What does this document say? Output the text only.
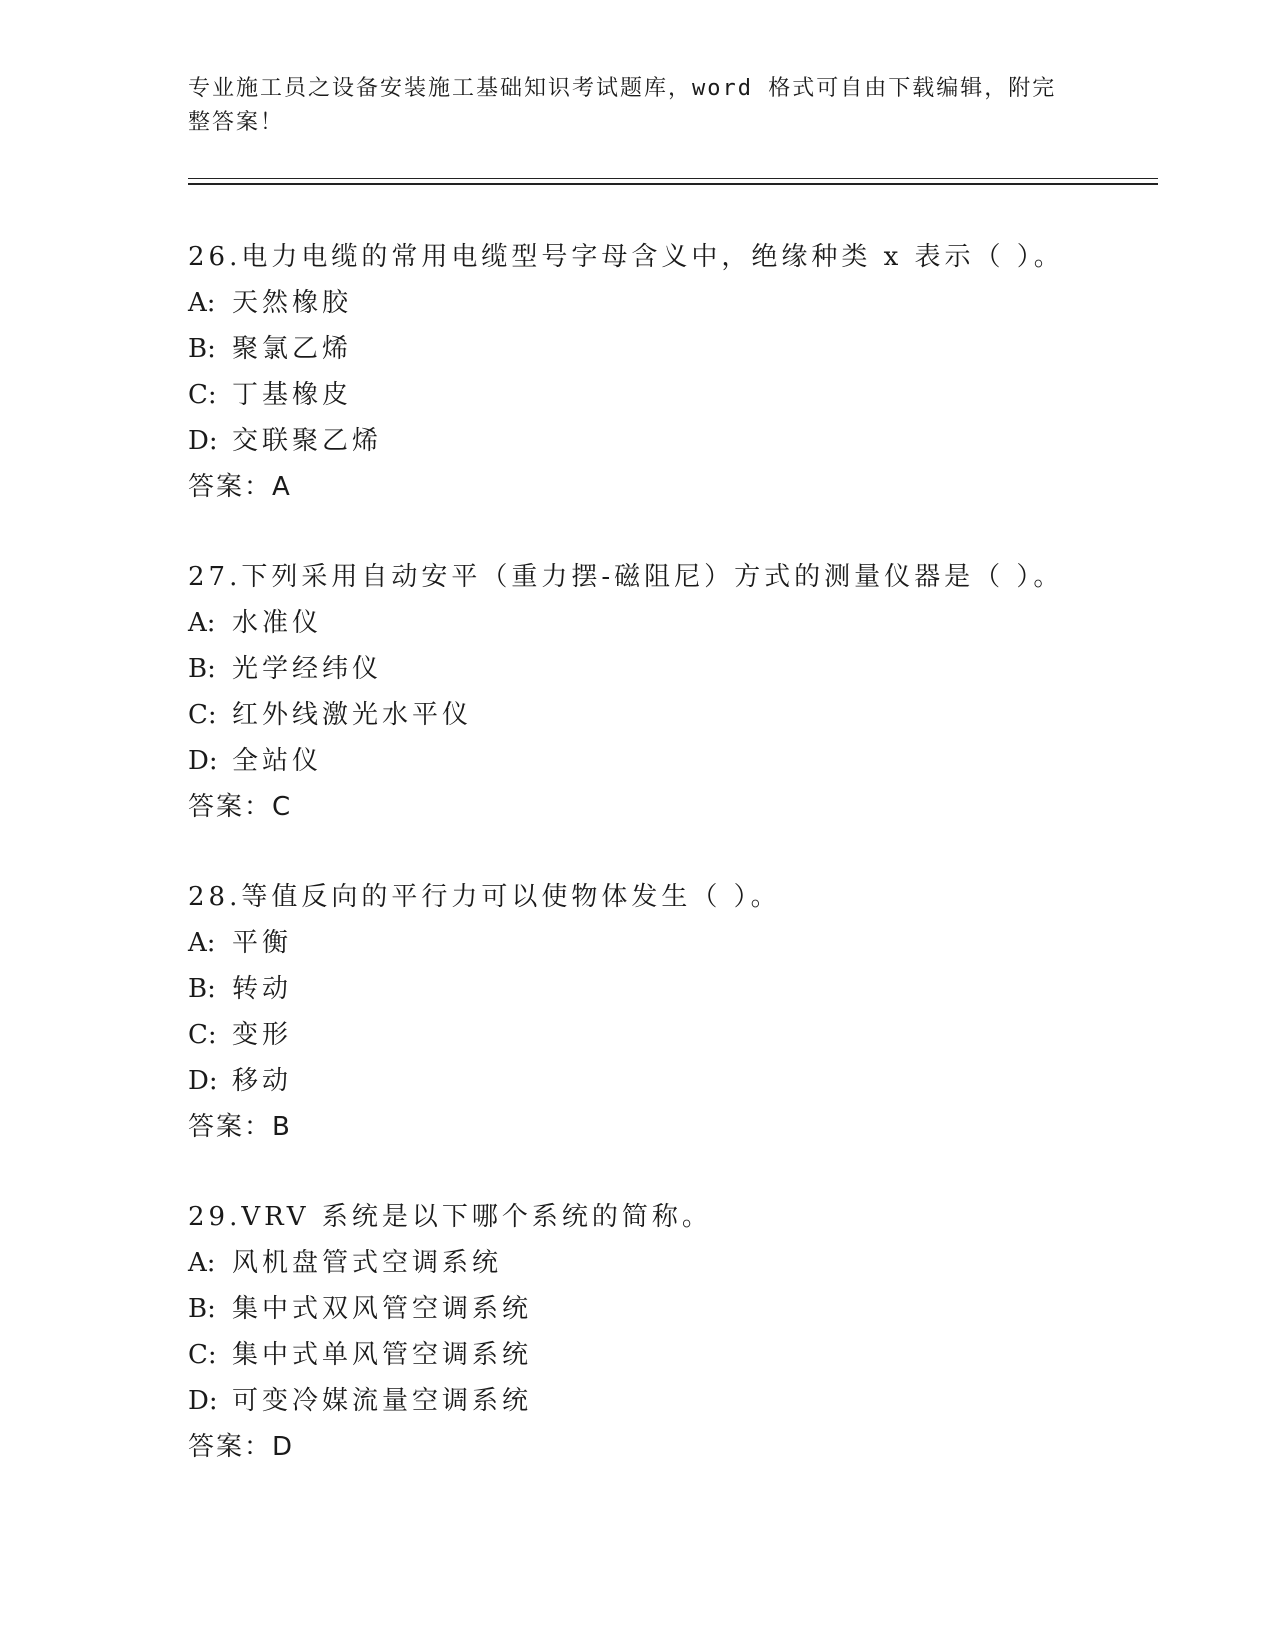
专业施工员之设备安装施工基础知识考试题库，word 格式可自由下载编辑，附完整答案！
26.电力电缆的常用电缆型号字母含义中，绝缘种类 x 表示（ ）。
A: 天然橡胶
B: 聚氯乙烯
C: 丁基橡皮
D: 交联聚乙烯
答案：A
27.下列采用自动安平（重力摆-磁阻尼）方式的测量仪器是（ ）。
A: 水准仪
B: 光学经纬仪
C: 红外线激光水平仪
D: 全站仪
答案：C
28.等值反向的平行力可以使物体发生（ ）。
A: 平衡
B: 转动
C: 变形
D: 移动
答案：B
29.VRV 系统是以下哪个系统的简称。
A: 风机盘管式空调系统
B: 集中式双风管空调系统
C: 集中式单风管空调系统
D: 可变冷媒流量空调系统
答案：D
